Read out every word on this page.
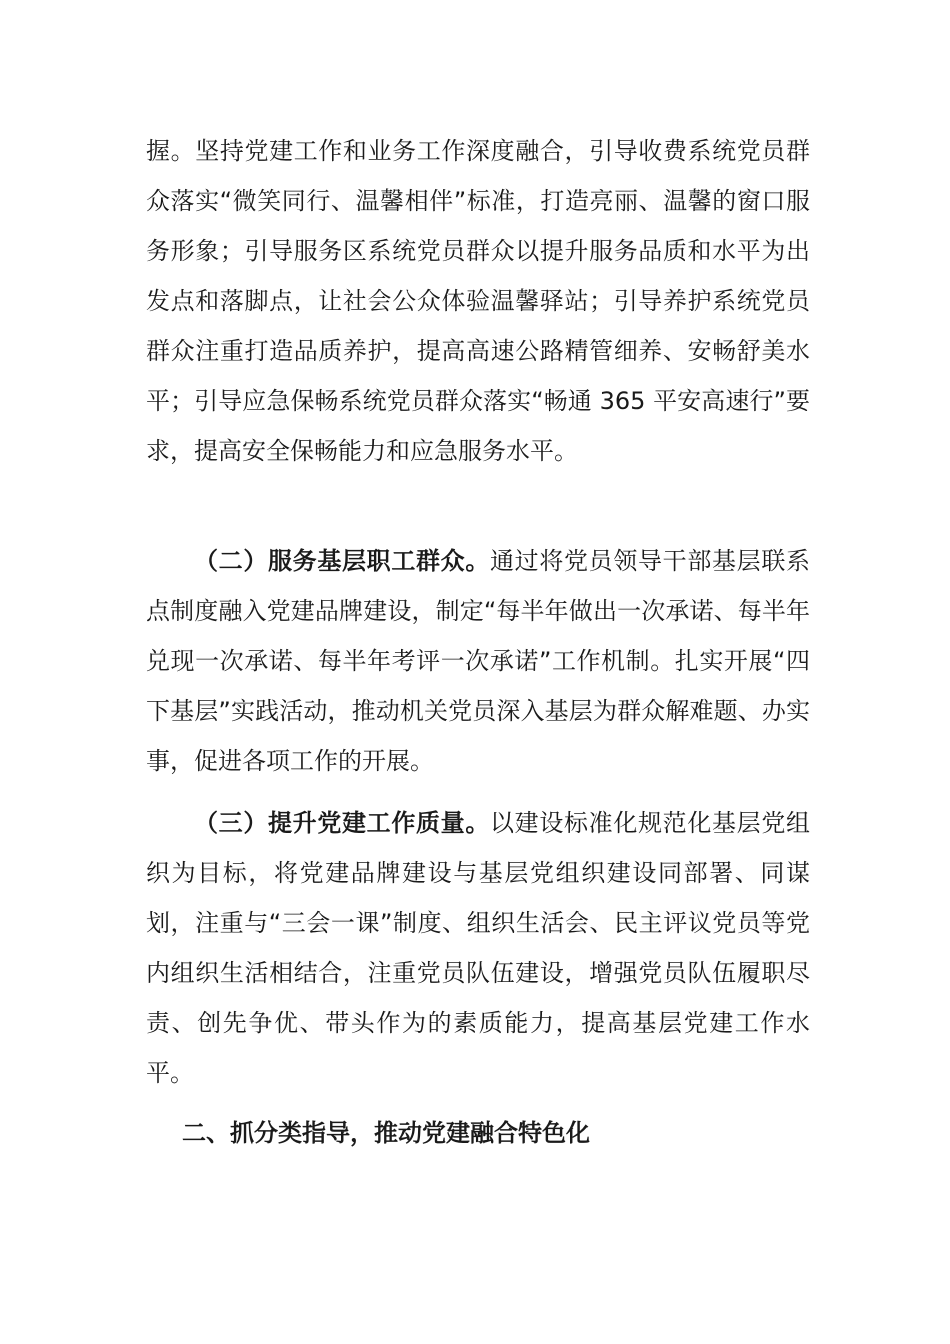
握。坚持党建工作和业务工作深度融合，引导收费系统党员群众落实“微笑同行、温馨相伴”标准，打造亮丽、温馨的窗口服务形象；引导服务区系统党员群众以提升服务品质和水平为出发点和落脚点，让社会公众体验温馨驿站；引导养护系统党员群众注重打造品质养护，提高高速公路精管细养、安畅舒美水平；引导应急保畅系统党员群众落实“畅通 365 平安高速行”要求，提高安全保畅能力和应急服务水平。

（二）服务基层职工群众。通过将党员领导干部基层联系点制度融入党建品牌建设，制定“每半年做出一次承诺、每半年兑现一次承诺、每半年考评一次承诺”工作机制。扎实开展“四下基层”实践活动，推动机关党员深入基层为群众解难题、办实事，促进各项工作的开展。

（三）提升党建工作质量。以建设标准化规范化基层党组织为目标，将党建品牌建设与基层党组织建设同部署、同谋划，注重与“三会一课”制度、组织生活会、民主评议党员等党内组织生活相结合，注重党员队伍建设，增强党员队伍履职尽责、创先争优、带头作为的素质能力，提高基层党建工作水平。

二、抓分类指导，推动党建融合特色化
